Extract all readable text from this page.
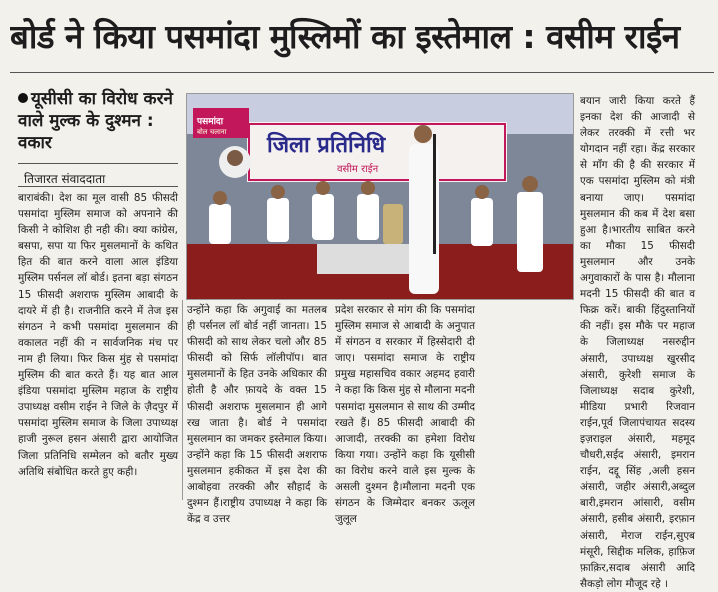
बोर्ड ने किया पसमांदा मुस्लिमों का इस्तेमाल : वसीम राईन
यूसीसी का विरोध करने वाले मुल्क के दुश्मन : वकार
तिजारत संवाददाता
बाराबंकी। देश का मूल वासी 85 फीसदी पसमांदा मुस्लिम समाज को अपनाने की किसी ने कोशिश ही नही की। क्या कांग्रेस, बसपा, सपा या फिर मुसलमानों के कथित हित की बात करने वाला आल इंडिया मुस्लिम पर्सनल लॉ बोर्ड। इतना बड़ा संगठन 15 फीसदी अशराफ मुस्लिम आबादी के दायरे में ही है। राजनीति करने में तेज इस संगठन ने कभी पसमांदा मुसलमान की वकालत नहीं की न सार्वजनिक मंच पर नाम ही लिया। फिर किस मुंह से पसमांदा मुस्लिम की बात करते हैं। यह बात आल इंडिया पसमांदा मुस्लिम महाज के राष्ट्रीय उपाध्यक्ष वसीम राईन ने जिले के ज़ैदपुर में पसमांदा मुस्लिम समाज के जिला उपाध्यक्ष हाजी नुरूल हसन अंसारी द्वारा आयोजित जिला प्रतिनिधि सम्मेलन को बतौर मुख्य अतिथि संबोधित करते हुए कही।
जिला प्रतिनिधि
वसीम राईन
पसमांदा
बोल चलाना
उन्होंने कहा कि अगुवाई का मतलब ही पर्सनल लॉ बोर्ड नहीं जानता। 15 फीसदी को साथ लेकर चलो और 85 फीसदी को सिर्फ लॉलीपॉप। बात मुसलमानों के हित उनके अधिकार की होती है और फ़ायदे के वक्त 15 फीसदी अशराफ मुसलमान ही आगे रख जाता है। बोर्ड ने पसमांदा मुसलमान का जमकर इस्तेमाल किया। उन्होंने कहा कि 15 फीसदी अशराफ मुसलमान हकीकत में इस देश की आबोहवा तरक्की और सौहार्द के दुश्मन हैं।राष्ट्रीय उपाध्यक्ष ने कहा कि केंद्र व उत्तर
प्रदेश सरकार से मांग की कि पसमांदा मुस्लिम समाज से आबादी के अनुपात में संगठन व सरकार में हिस्सेदारी दी जाए। पसमांदा समाज के राष्ट्रीय प्रमुख महासचिव वकार अहमद हवारी ने कहा कि किस मुंह से मौलाना मदनी पसमांदा मुसलमान से साथ की उम्मीद रखते हैं। 85 फीसदी आबादी की आजादी, तरक्की का हमेशा विरोध किया गया। उन्होंने कहा कि यूसीसी का विरोध करने वाले इस मुल्क के असली दुश्मन है।मौलाना मदनी एक संगठन के जिम्मेदार बनकर ऊलूल जुलूल
बयान जारी किया करते हैं इनका देश की आजादी से लेकर तरक्की में रत्ती भर योगदान नहीं रहा। केंद्र सरकार से माँग की है की सरकार में एक पसमांदा मुस्लिम को मंत्री बनाया जाए। पसमांदा मुसलमान की कब में देश बसा हुआ है।भारतीय साबित करने का मौका 15 फीसदी मुसलमान और उनके अगुवाकारों के पास है। मौलाना मदनी 15 फीसदी की बात व फिक्र करें। बाकी हिंदुस्तानियों की नहीं। इस मौके पर महाज के जिलाध्यक्ष नसरुद्दीन अंसारी, उपाध्यक्ष खुरसीद अंसारी, कुरेशी समाज के जिलाध्यक्ष सदाब कुरेशी, मीडिया प्रभारी रिजवान राईन,पूर्व जिलापंचायत सदस्य इज़राइल अंसारी, महमूद चौधरी,सईद अंसारी, इमरान राईन, दद्दू सिंह ,अली हसन अंसारी, जहीर अंसारी,अब्दुल बारी,इमरान आंसारी, वसीम अंसारी, हसीब अंसारी, इरफ़ान अंसारी, मेराज राईन,सुएब मंसूरी, सिद्दीक मलिक, हाफ़िज फ़ाक़िर,सदाब अंसारी आदि सैकड़ो लोग मौजूद रहे ।
